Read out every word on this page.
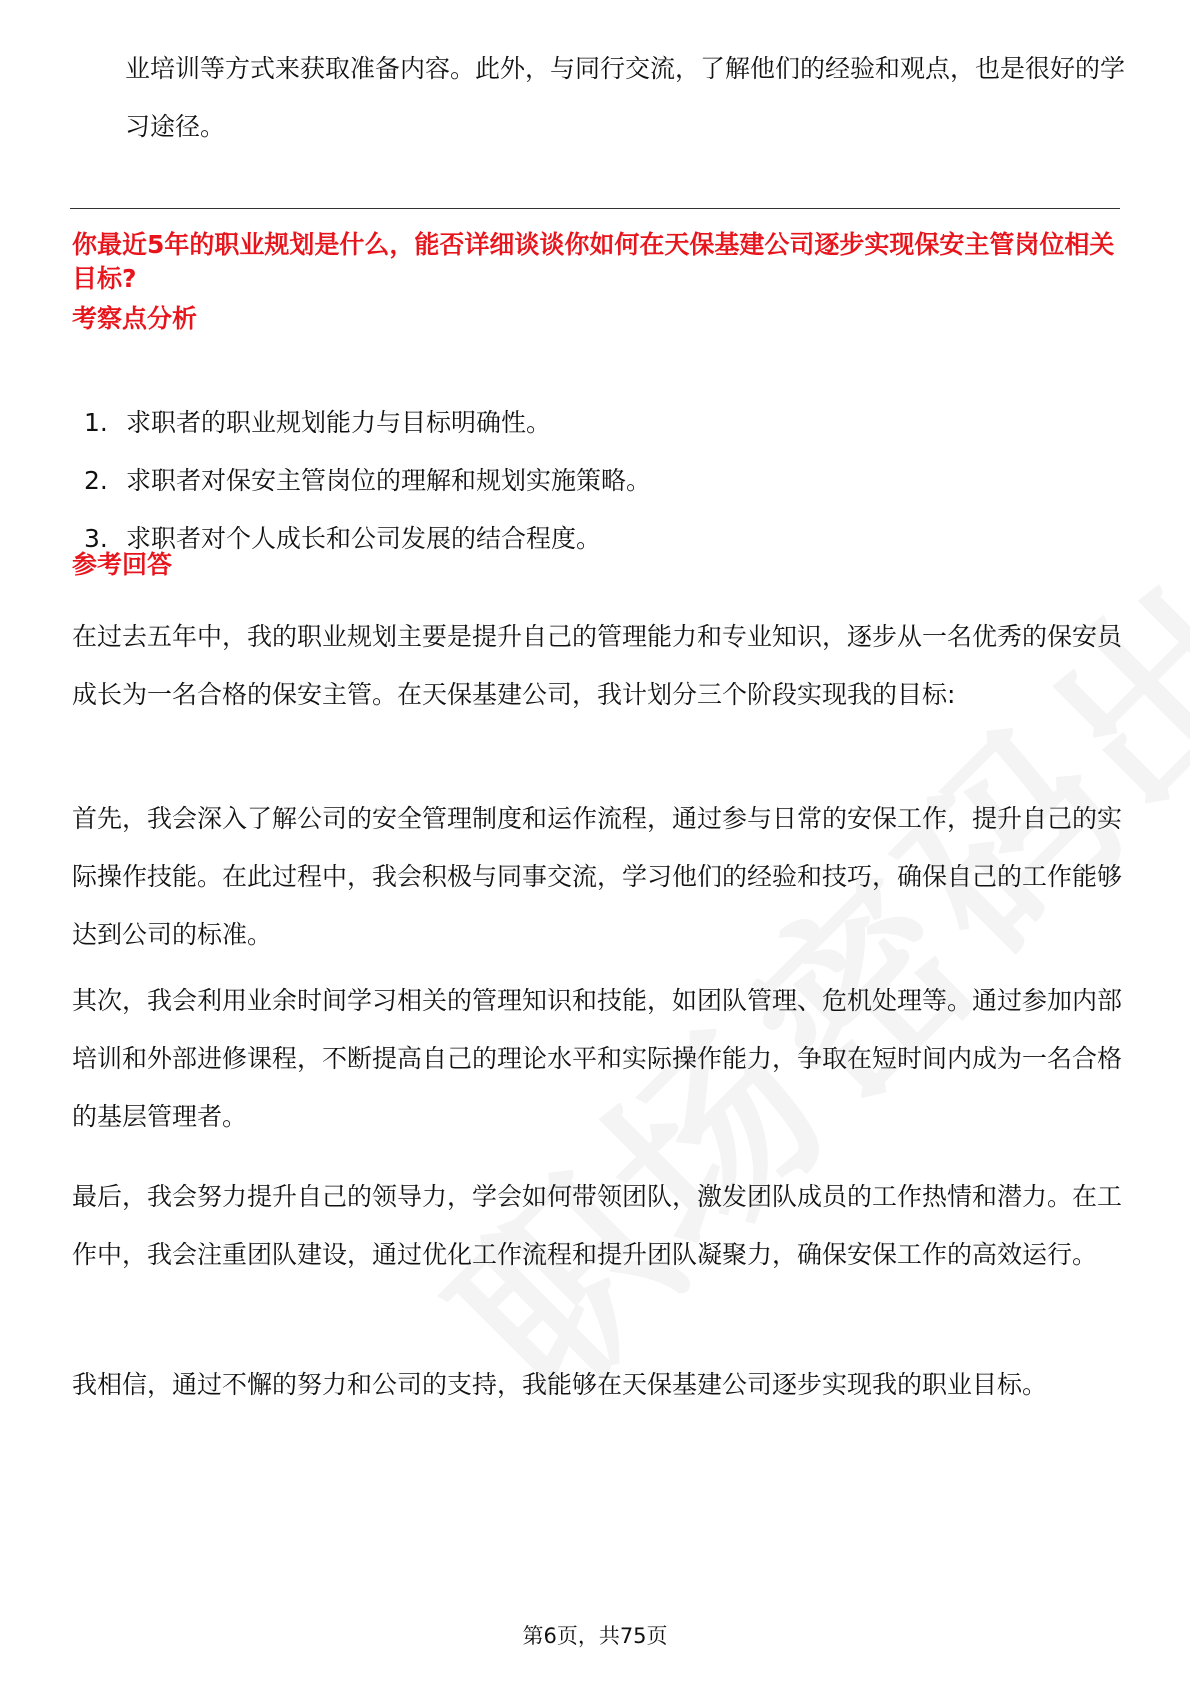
业培训等方式来获取准备内容。此外，与同行交流，了解他们的经验和观点，也是很好的学习途径。

你最近5年的职业规划是什么，能否详细谈谈你如何在天保基建公司逐步实现保安主管岗位相关目标?
考察点分析
1. 求职者的职业规划能力与目标明确性。
2. 求职者对保安主管岗位的理解和规划实施策略。
3. 求职者对个人成长和公司发展的结合程度。
参考回答

在过去五年中，我的职业规划主要是提升自己的管理能力和专业知识，逐步从一名优秀的保安员成长为一名合格的保安主管。在天保基建公司，我计划分三个阶段实现我的目标:

首先，我会深入了解公司的安全管理制度和运作流程，通过参与日常的安保工作，提升自己的实际操作技能。在此过程中，我会积极与同事交流，学习他们的经验和技巧，确保自己的工作能够达到公司的标准。

其次，我会利用业余时间学习相关的管理知识和技能，如团队管理、危机处理等。通过参加内部培训和外部进修课程，不断提高自己的理论水平和实际操作能力，争取在短时间内成为一名合格的基层管理者。

最后，我会努力提升自己的领导力，学会如何带领团队，激发团队成员的工作热情和潜力。在工作中，我会注重团队建设，通过优化工作流程和提升团队凝聚力，确保安保工作的高效运行。

我相信，通过不懈的努力和公司的支持，我能够在天保基建公司逐步实现我的职业目标。

第6页，共75页
